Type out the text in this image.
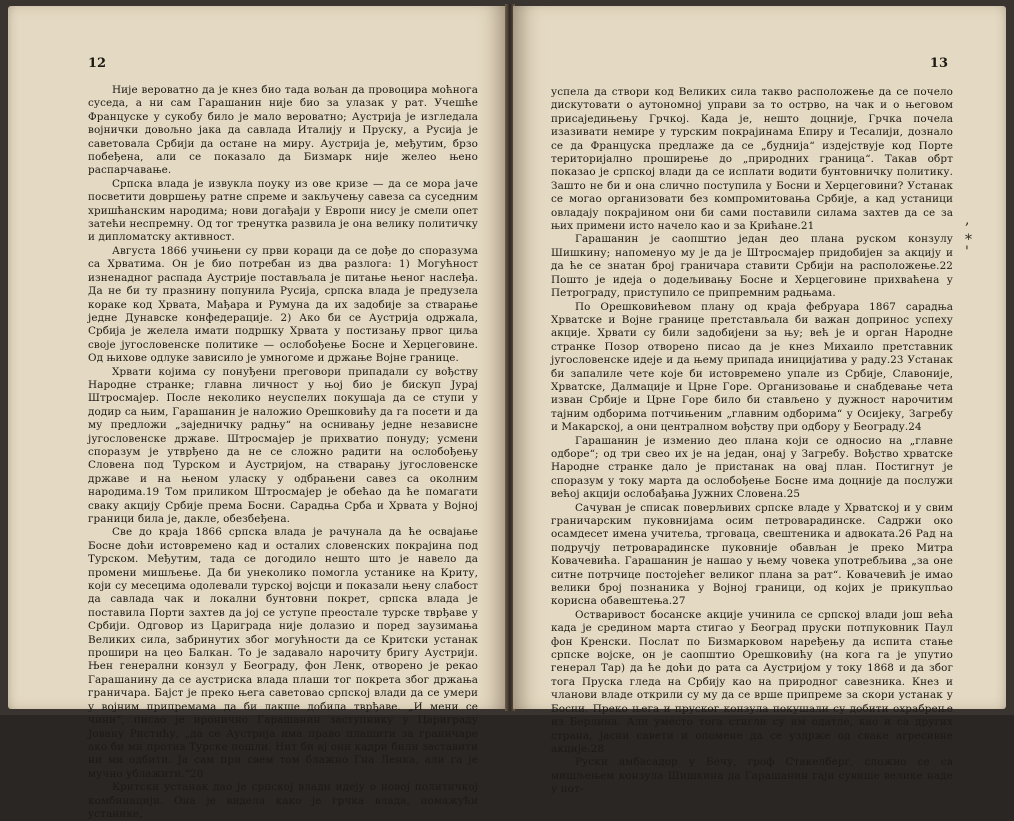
12

Није вероватно да је кнез био тада вољан да провоцира моћнога суседа, а ни сам Гарашанин није био за улазак у рат. Учешће Француске у сукобу било је мало вероватно; Аустрија је изгледала војнички довољно јака да савлада Италију и Пруску, а Русија је саветовала Србији да остане на миру. Аустрија је, међутим, брзо побеђена, али се показало да Бизмарк није желео њено распарчавање.

Српска влада је извукла поуку из ове кризе — да се мора јаче посветити довршењу ратне спреме и закључењу савеза са суседним хришћанским народима; нови догађаји у Европи нису је смели опет затећи неспремну. Од тог тренутка развила је она велику политичку и дипломатску активност.

Августа 1866 учињени су први кораци да се дође до споразума са Хрватима. Он је био потребан из два разлога: 1) Могућност изненадног распада Аустрије постављала је питање њеног наслеђа. Да не би ту празнину попунила Русија, српска влада је предузела кораке код Хрвата, Мађара и Румуна да их задобије за стварање једне Дунавске конфедерације. 2) Ако би се Аустрија одржала, Србија је желела имати подршку Хрвата у постизању првог циља своје југословенске политике — ослобођење Босне и Херцеговине. Од њихове одлуке зависило је умногоме и држање Војне границе.

Хрвати којима су понуђени преговори припадали су вођству Народне странке; главна личност у њој био је бискуп Јурај Штросмајер. После неколико неуспелих покушаја да се ступи у додир са њим, Гарашанин је наложио Орешковићу да га посети и да му предложи „заједничку радњу“ на оснивању једне независне југословенске државе. Штросмајер је прихватио понуду; усмени споразум је утврђено да не се сложно радити на ослобођењу Словена под Турском и Аустријом, на стварању југословенске државе и на њеном уласку у одбрањени савез са околним народима.19 Том приликом Штросмајер је обећао да ће помагати сваку акцију Србије према Босни. Сарадња Срба и Хрвата у Војној граници била је, дакле, обезбеђена.

Све до краја 1866 српска влада је рачунала да ће освајање Босне доћи истовремено кад и осталих словенских покрајина под Турском. Међутим, тада се догодило нешто што је навело да промени мишљење. Да би унеколико помогла устанике на Криту, који су месецима одолевали турској војсци и показали њену слабост да савлада чак и локални бунтовни покрет, српска влада је поставила Порти захтев да јој се уступе преостале турске тврђаве у Србији. Одговор из Цариграда није долазио и поред заузимања Великих сила, забринутих због могућности да се Критски устанак прошири на цео Балкан. То је задавало нарочиту бригу Аустрији. Њен генерални конзул у Београду, фон Ленк, отворено је рекао Гарашанину да се аустриска влада плаши тог покрета због држања граничара. Бајст је преко њега саветовао српској влади да се умери у војним припремама да би лакше добила тврђаве. „И мени се чини“, писао је иронично Гарашанин заступнику у Цариграду Јовану Ристићу, „да се Аустрија има право плашити за граничаре ако би ми против Турске пошли. Нит би ај они кадри били заставити ни ми одбити. Ја сам при свем том блажно Гна Ленка, али га је мучно ублажити.“20

Критски устанак дао је српској влади идеју о новој политичкој комбинацији. Она је видела како је грчка влада, помажући устанике,

13

успела да створи код Великих сила такво расположење да се почело дискутовати о аутономној управи за то острво, на чак и о његовом присаједињењу Грчкој. Када је, нешто доцније, Грчка почела изазивати немире у турским покрајинама Епиру и Тесалији, дознало се да Француска предлаже да се „буднија“ издејствује код Порте територијално проширење до „природних граница“. Такав обрт показао је српској влади да се исплати водити бунтовничку политику. Зашто не би и она слично поступила у Босни и Херцеговини? Устанак се могао организовати без компромитовања Србије, а кад устаници овладају покрајином они би сами поставили силама захтев да се за њих примени исто начело као и за Крићане.21

Гарашанин је саопштио један део плана руском конзулу Шишкину; напоменуо му је да је Штросмајер придобијен за акцију и да ће се знатан број граничара ставити Србији на расположење.22 Пошто је идеја о додељивању Босне и Херцеговине прихваћена у Петрограду, приступило се припремним радњама.

По Орешковићевом плану од краја фебруара 1867 сарадња Хрватске и Војне границе претстављала би важан допринос успеху акције. Хрвати су били задобијени за њу; већ је и орган Народне странке Позор отворено писао да је кнез Михаило претставник југословенске идеје и да њему припада иницијатива у раду.23 Устанак би запалиле чете које би истовремено упале из Србије, Славоније, Хрватске, Далмације и Црне Горе. Организовање и снабдевање чета изван Србије и Црне Горе било би стављено у дужност нарочитим тајним одборима потчињеним „главним одборима“ у Осијеку, Загребу и Макарској, а они централном вођству при одбору у Београду.24

Гарашанин је изменио део плана који се односио на „главне одборе“; од три свео их је на један, онај у Загребу. Вођство хрватске Народне странке дало је пристанак на овај план. Постигнут је споразум у току марта да ослобођење Босне има доцније да послужи већој акцији ослобађања Јужних Словена.25

Сачуван је списак поверљивих српске владе у Хрватској и у свим граничарским пуковнијама осим петроварадинске. Садржи око осамдесет имена учитеља, трговаца, свештеника и адвоката.26 Рад на подручју петроварадинске пуковније обављан је преко Митра Ковачевића. Гарашанин је нашао у њему човека употребљива „за оне ситне потрчице постојећег великог плана за рат“. Ковачевић је имао велики број познаника у Војној граници, од којих је прикупљао корисна обавештења.27

Остваривост босанске акције учинила се српској влади још већа када је средином марта стигао у Београд пруски потпуковник Паул фон Кренски. Послат по Бизмарковом наређењу да испита стање српске војске, он је саопштио Орешковићу (на кога га је упутио генерал Тар) да ће доћи до рата са Аустријом у току 1868 и да због тога Пруска гледа на Србију као на природног савезника. Кнез и чланови владе открили су му да се врше припреме за скори устанак у Босни. Преко њега и пруског конзула покушали су добити охрабрење из Берлина. Али уместо тога стигли су им одатле, као и са других страна, јасни савети и опомене да се уздрже од сваке агресивне акције.28

Руски амбасадор у Бечу, гроф Стакелберг, сложио се са мишљењем конзула Шишкина да Гарашанин гаји сувише велике наде у пот-

,
*
'
